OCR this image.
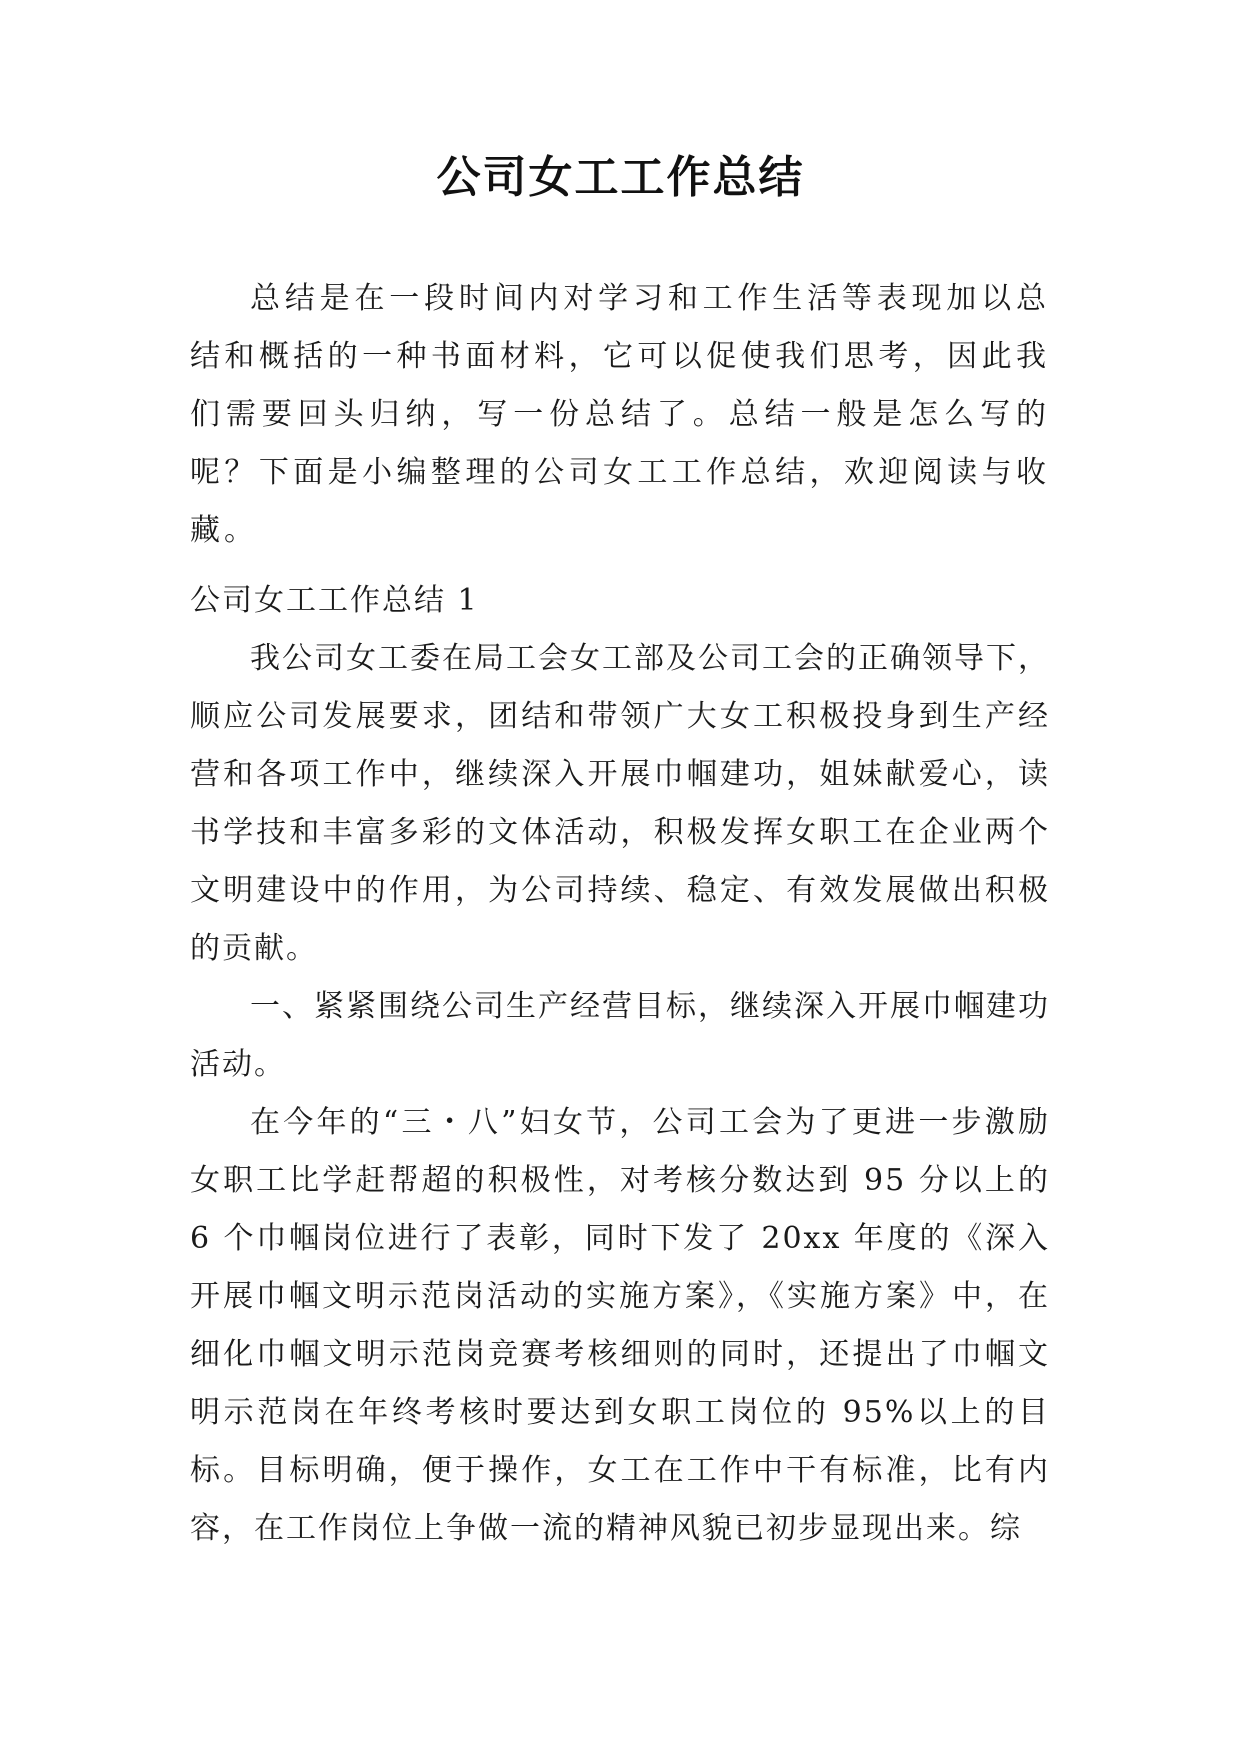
公司女工工作总结

总结是在一段时间内对学习和工作生活等表现加以总结和概括的一种书面材料，它可以促使我们思考，因此我们需要回头归纳，写一份总结了。总结一般是怎么写的呢？下面是小编整理的公司女工工作总结，欢迎阅读与收藏。

公司女工工作总结 1

我公司女工委在局工会女工部及公司工会的正确领导下，顺应公司发展要求，团结和带领广大女工积极投身到生产经营和各项工作中，继续深入开展巾帼建功，姐妹献爱心，读书学技和丰富多彩的文体活动，积极发挥女职工在企业两个文明建设中的作用，为公司持续、稳定、有效发展做出积极的贡献。

一、紧紧围绕公司生产经营目标，继续深入开展巾帼建功活动。

在今年的“三・八”妇女节，公司工会为了更进一步激励女职工比学赶帮超的积极性，对考核分数达到 95 分以上的 6 个巾帼岗位进行了表彰，同时下发了 20xx 年度的《深入开展巾帼文明示范岗活动的实施方案》，《实施方案》中，在细化巾帼文明示范岗竞赛考核细则的同时，还提出了巾帼文明示范岗在年终考核时要达到女职工岗位的 95%以上的目标。目标明确，便于操作，女工在工作中干有标准，比有内容，在工作岗位上争做一流的精神风貌已初步显现出来。综
